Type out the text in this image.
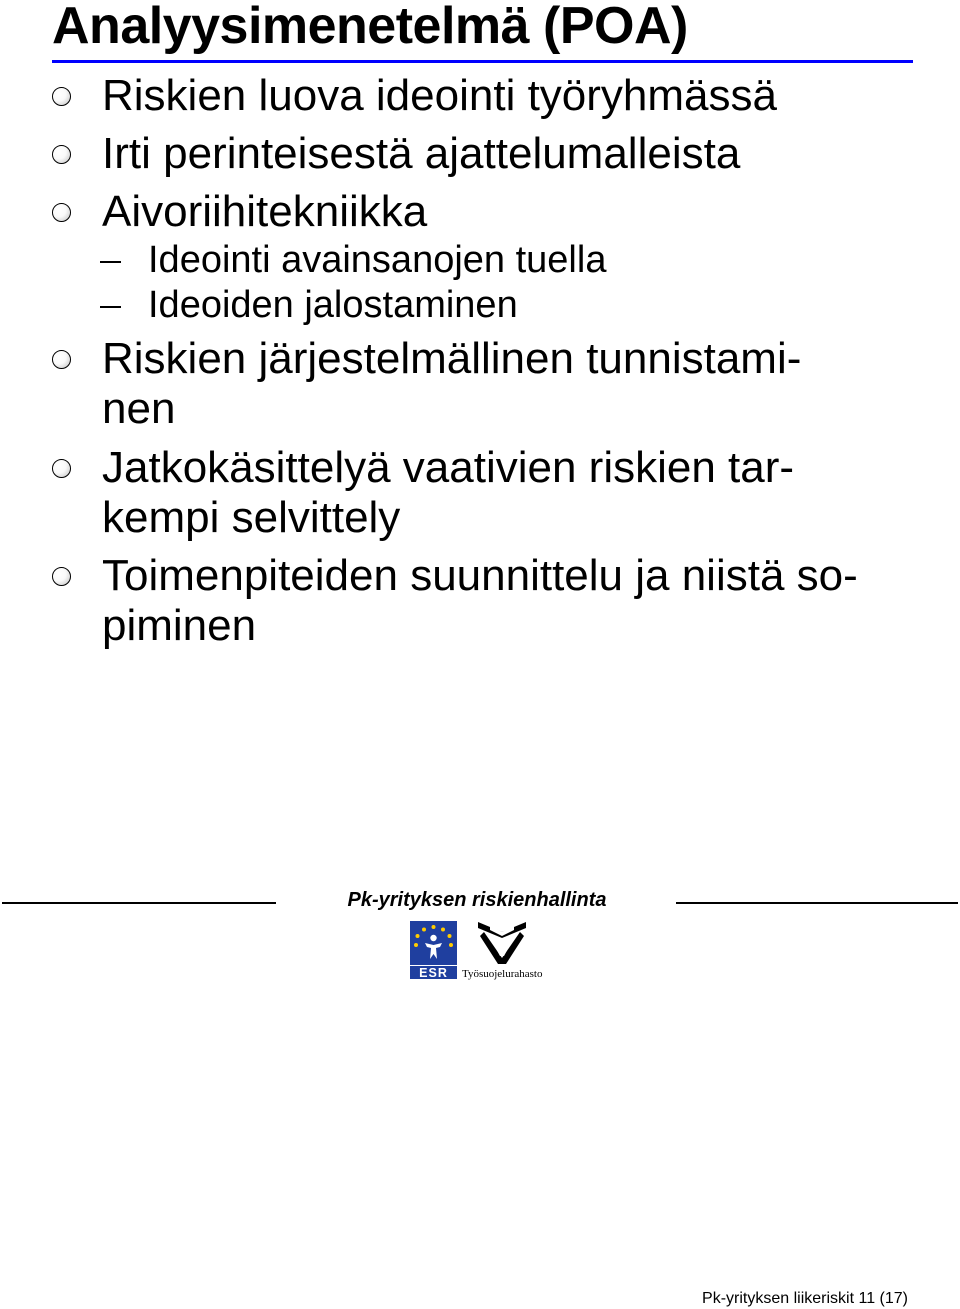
Analyysimenetelmä (POA)
Riskien luova ideointi työryhmässä
Irti perinteisestä ajattelumalleista
Aivoriihitekniikka
Ideointi avainsanojen tuella
Ideoiden jalostaminen
Riskien järjestelmällinen tunnistami-
nen
Jatkokäsittelyä vaativien riskien tar-
kempi selvittely
Toimenpiteiden suunnittelu ja niistä so-
piminen
Pk-yrityksen riskienhallinta
ESR Työsuojelurahasto
Pk-yrityksen liikeriskit 11 (17)
